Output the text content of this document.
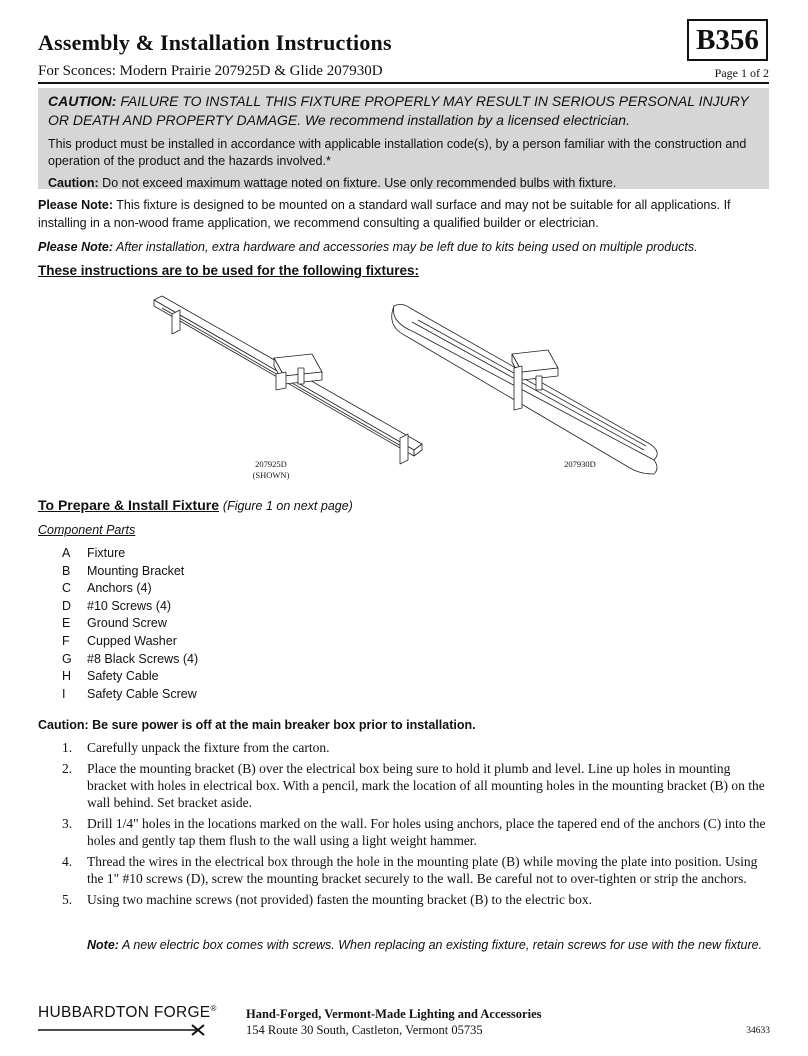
Assembly & Installation Instructions
For Sconces: Modern Prairie 207925D & Glide 207930D
B356
Page 1 of 2

CAUTION: FAILURE TO INSTALL THIS FIXTURE PROPERLY MAY RESULT IN SERIOUS PERSONAL INJURY OR DEATH AND PROPERTY DAMAGE. We recommend installation by a licensed electrician.

This product must be installed in accordance with applicable installation code(s), by a person familiar with the construction and operation of the product and the hazards involved.*

Caution: Do not exceed maximum wattage noted on fixture. Use only recommended bulbs with fixture.

Please Note: This fixture is designed to be mounted on a standard wall surface and may not be suitable for all applications. If installing in a non-wood frame application, we recommend consulting a qualified builder or electrician.

Please Note: After installation, extra hardware and accessories may be left due to kits being used on multiple products.

These instructions are to be used for the following fixtures:
207925D
(SHOWN)
207930D
To Prepare & Install Fixture (Figure 1 on next page)
Component Parts
A Fixture
B Mounting Bracket
C Anchors (4)
D #10 Screws (4)
E Ground Screw
F Cupped Washer
G #8 Black Screws (4)
H Safety Cable
I Safety Cable Screw
Caution: Be sure power is off at the main breaker box prior to installation.
1. Carefully unpack the fixture from the carton.
2. Place the mounting bracket (B) over the electrical box being sure to hold it plumb and level. Line up holes in mounting bracket with holes in electrical box. With a pencil, mark the location of all mounting holes in the mounting bracket (B) on the wall behind. Set bracket aside.
3. Drill 1/4" holes in the locations marked on the wall. For holes using anchors, place the tapered end of the anchors (C) into the holes and gently tap them flush to the wall using a light weight hammer.
4. Thread the wires in the electrical box through the hole in the mounting plate (B) while moving the plate into position. Using the 1" #10 screws (D), screw the mounting bracket securely to the wall. Be careful not to over-tighten or strip the anchors.
5. Using two machine screws (not provided) fasten the mounting bracket (B) to the electric box.

Note: A new electric box comes with screws. When replacing an existing fixture, retain screws for use with the new fixture.

HUBBARDTON FORGE® Hand-Forged, Vermont-Made Lighting and Accessories
154 Route 30 South, Castleton, Vermont 05735	34633
